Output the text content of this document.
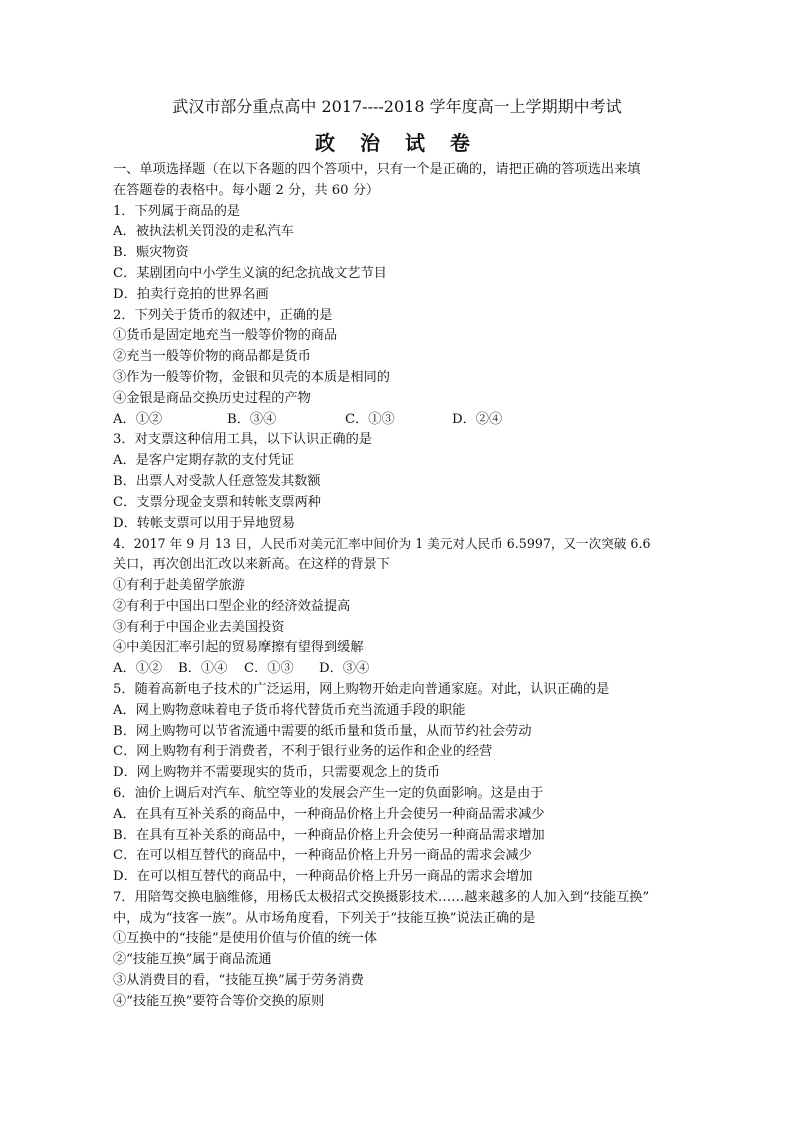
武汉市部分重点高中 2017----2018 学年度高一上学期期中考试
政 治 试 卷
一、单项选择题（在以下各题的四个答项中，只有一个是正确的，请把正确的答项选出来填
在答题卷的表格中。每小题 2 分，共 60 分）
1．下列属于商品的是
A．被执法机关罚没的走私汽车
B．赈灾物资
C．某剧团向中小学生义演的纪念抗战文艺节目
D．拍卖行竞拍的世界名画
2．下列关于货币的叙述中，正确的是
①货币是固定地充当一般等价物的商品
②充当一般等价物的商品都是货币
③作为一般等价物，金银和贝壳的本质是相同的
④金银是商品交换历史过程的产物
A．①②	B．③④	C．①③	D．②④
3．对支票这种信用工具，以下认识正确的是
A．是客户定期存款的支付凭证
B．出票人对受款人任意签发其数额
C．支票分现金支票和转帐支票两种
D．转帐支票可以用于异地贸易
4．2017 年 9 月 13 日，人民币对美元汇率中间价为 1 美元对人民币 6.5997，又一次突破 6.6
关口，再次创出汇改以来新高。在这样的背景下
①有利于赴美留学旅游
②有利于中国出口型企业的经济效益提高
③有利于中国企业去美国投资
④中美因汇率引起的贸易摩擦有望得到缓解
A．①②	B．①④	C．①③	D．③④
5．随着高新电子技术的广泛运用，网上购物开始走向普通家庭。对此，认识正确的是
A．网上购物意味着电子货币将代替货币充当流通手段的职能
B．网上购物可以节省流通中需要的纸币量和货币量，从而节约社会劳动
C．网上购物有利于消费者，不利于银行业务的运作和企业的经营
D．网上购物并不需要现实的货币，只需要观念上的货币
6．油价上调后对汽车、航空等业的发展会产生一定的负面影响。这是由于
A．在具有互补关系的商品中，一种商品价格上升会使另一种商品需求减少
B．在具有互补关系的商品中，一种商品价格上升会使另一种商品需求增加
C．在可以相互替代的商品中，一种商品价格上升另一商品的需求会减少
D．在可以相互替代的商品中，一种商品价格上升另一商品的需求会增加
7．用陪驾交换电脑维修，用杨氏太极招式交换摄影技术……越来越多的人加入到“技能互换”
中，成为“技客一族”。从市场角度看，下列关于“技能互换”说法正确的是
①互换中的“技能”是使用价值与价值的统一体
②“技能互换”属于商品流通
③从消费目的看，“技能互换”属于劳务消费
④“技能互换”要符合等价交换的原则
